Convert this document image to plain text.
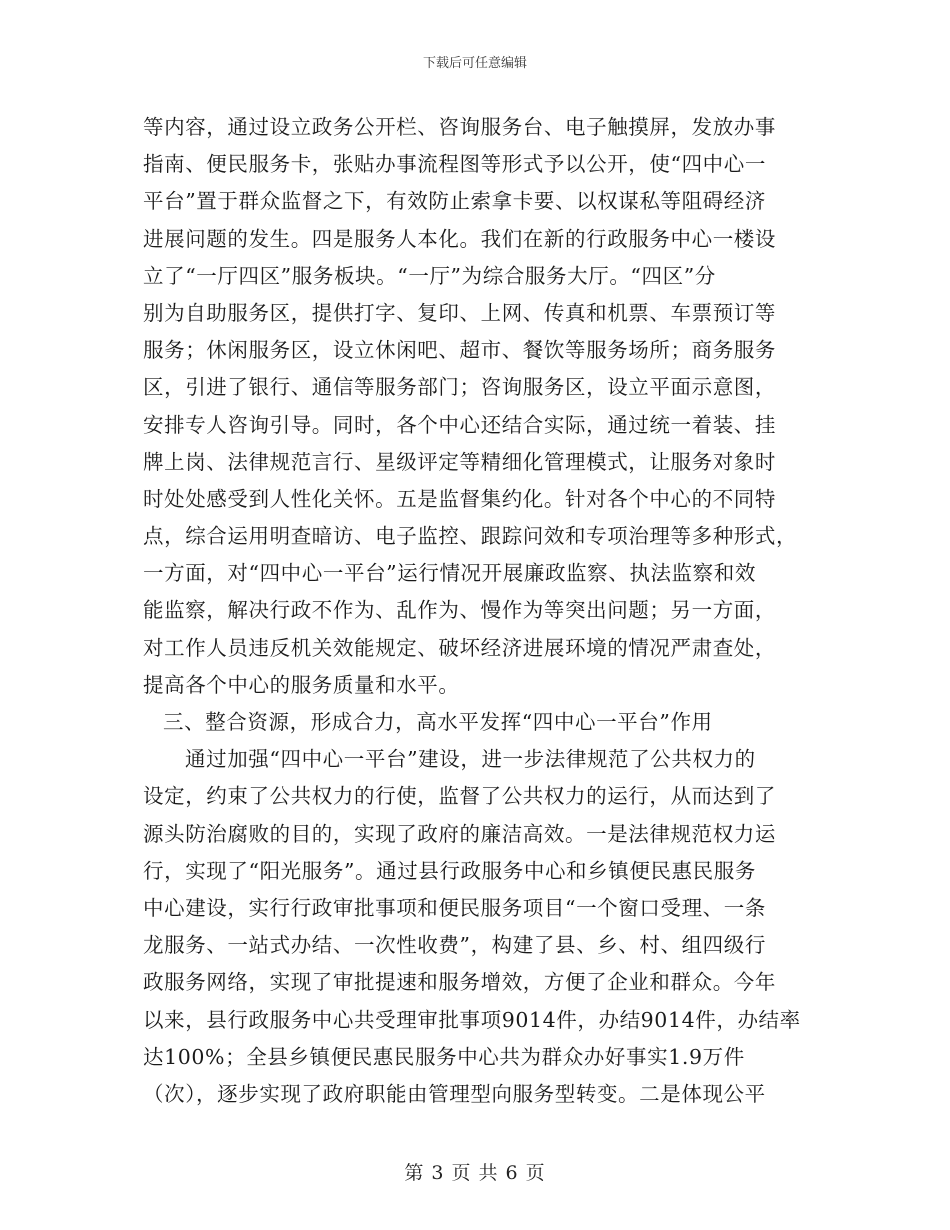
下载后可任意编辑
等内容，通过设立政务公开栏、咨询服务台、电子触摸屏，发放办事
指南、便民服务卡，张贴办事流程图等形式予以公开，使“四中心一
平台”置于群众监督之下，有效防止索拿卡要、以权谋私等阻碍经济
进展问题的发生。四是服务人本化。我们在新的行政服务中心一楼设
立了“一厅四区”服务板块。“一厅”为综合服务大厅。“四区”分
别为自助服务区，提供打字、复印、上网、传真和机票、车票预订等
服务；休闲服务区，设立休闲吧、超市、餐饮等服务场所；商务服务
区，引进了银行、通信等服务部门；咨询服务区，设立平面示意图，
安排专人咨询引导。同时，各个中心还结合实际，通过统一着装、挂
牌上岗、法律规范言行、星级评定等精细化管理模式，让服务对象时
时处处感受到人性化关怀。五是监督集约化。针对各个中心的不同特
点，综合运用明查暗访、电子监控、跟踪问效和专项治理等多种形式，
一方面，对“四中心一平台”运行情况开展廉政监察、执法监察和效
能监察，解决行政不作为、乱作为、慢作为等突出问题；另一方面，
对工作人员违反机关效能规定、破坏经济进展环境的情况严肃查处，
提高各个中心的服务质量和水平。
三、整合资源，形成合力，高水平发挥“四中心一平台”作用
通过加强“四中心一平台”建设，进一步法律规范了公共权力的
设定，约束了公共权力的行使，监督了公共权力的运行，从而达到了
源头防治腐败的目的，实现了政府的廉洁高效。一是法律规范权力运
行，实现了“阳光服务”。通过县行政服务中心和乡镇便民惠民服务
中心建设，实行行政审批事项和便民服务项目“一个窗口受理、一条
龙服务、一站式办结、一次性收费”，构建了县、乡、村、组四级行
政服务网络，实现了审批提速和服务增效，方便了企业和群众。今年
以来，县行政服务中心共受理审批事项9014件，办结9014件，办结率
达100%；全县乡镇便民惠民服务中心共为群众办好事实1.9万件
（次），逐步实现了政府职能由管理型向服务型转变。二是体现公平
第 3 页 共 6 页
